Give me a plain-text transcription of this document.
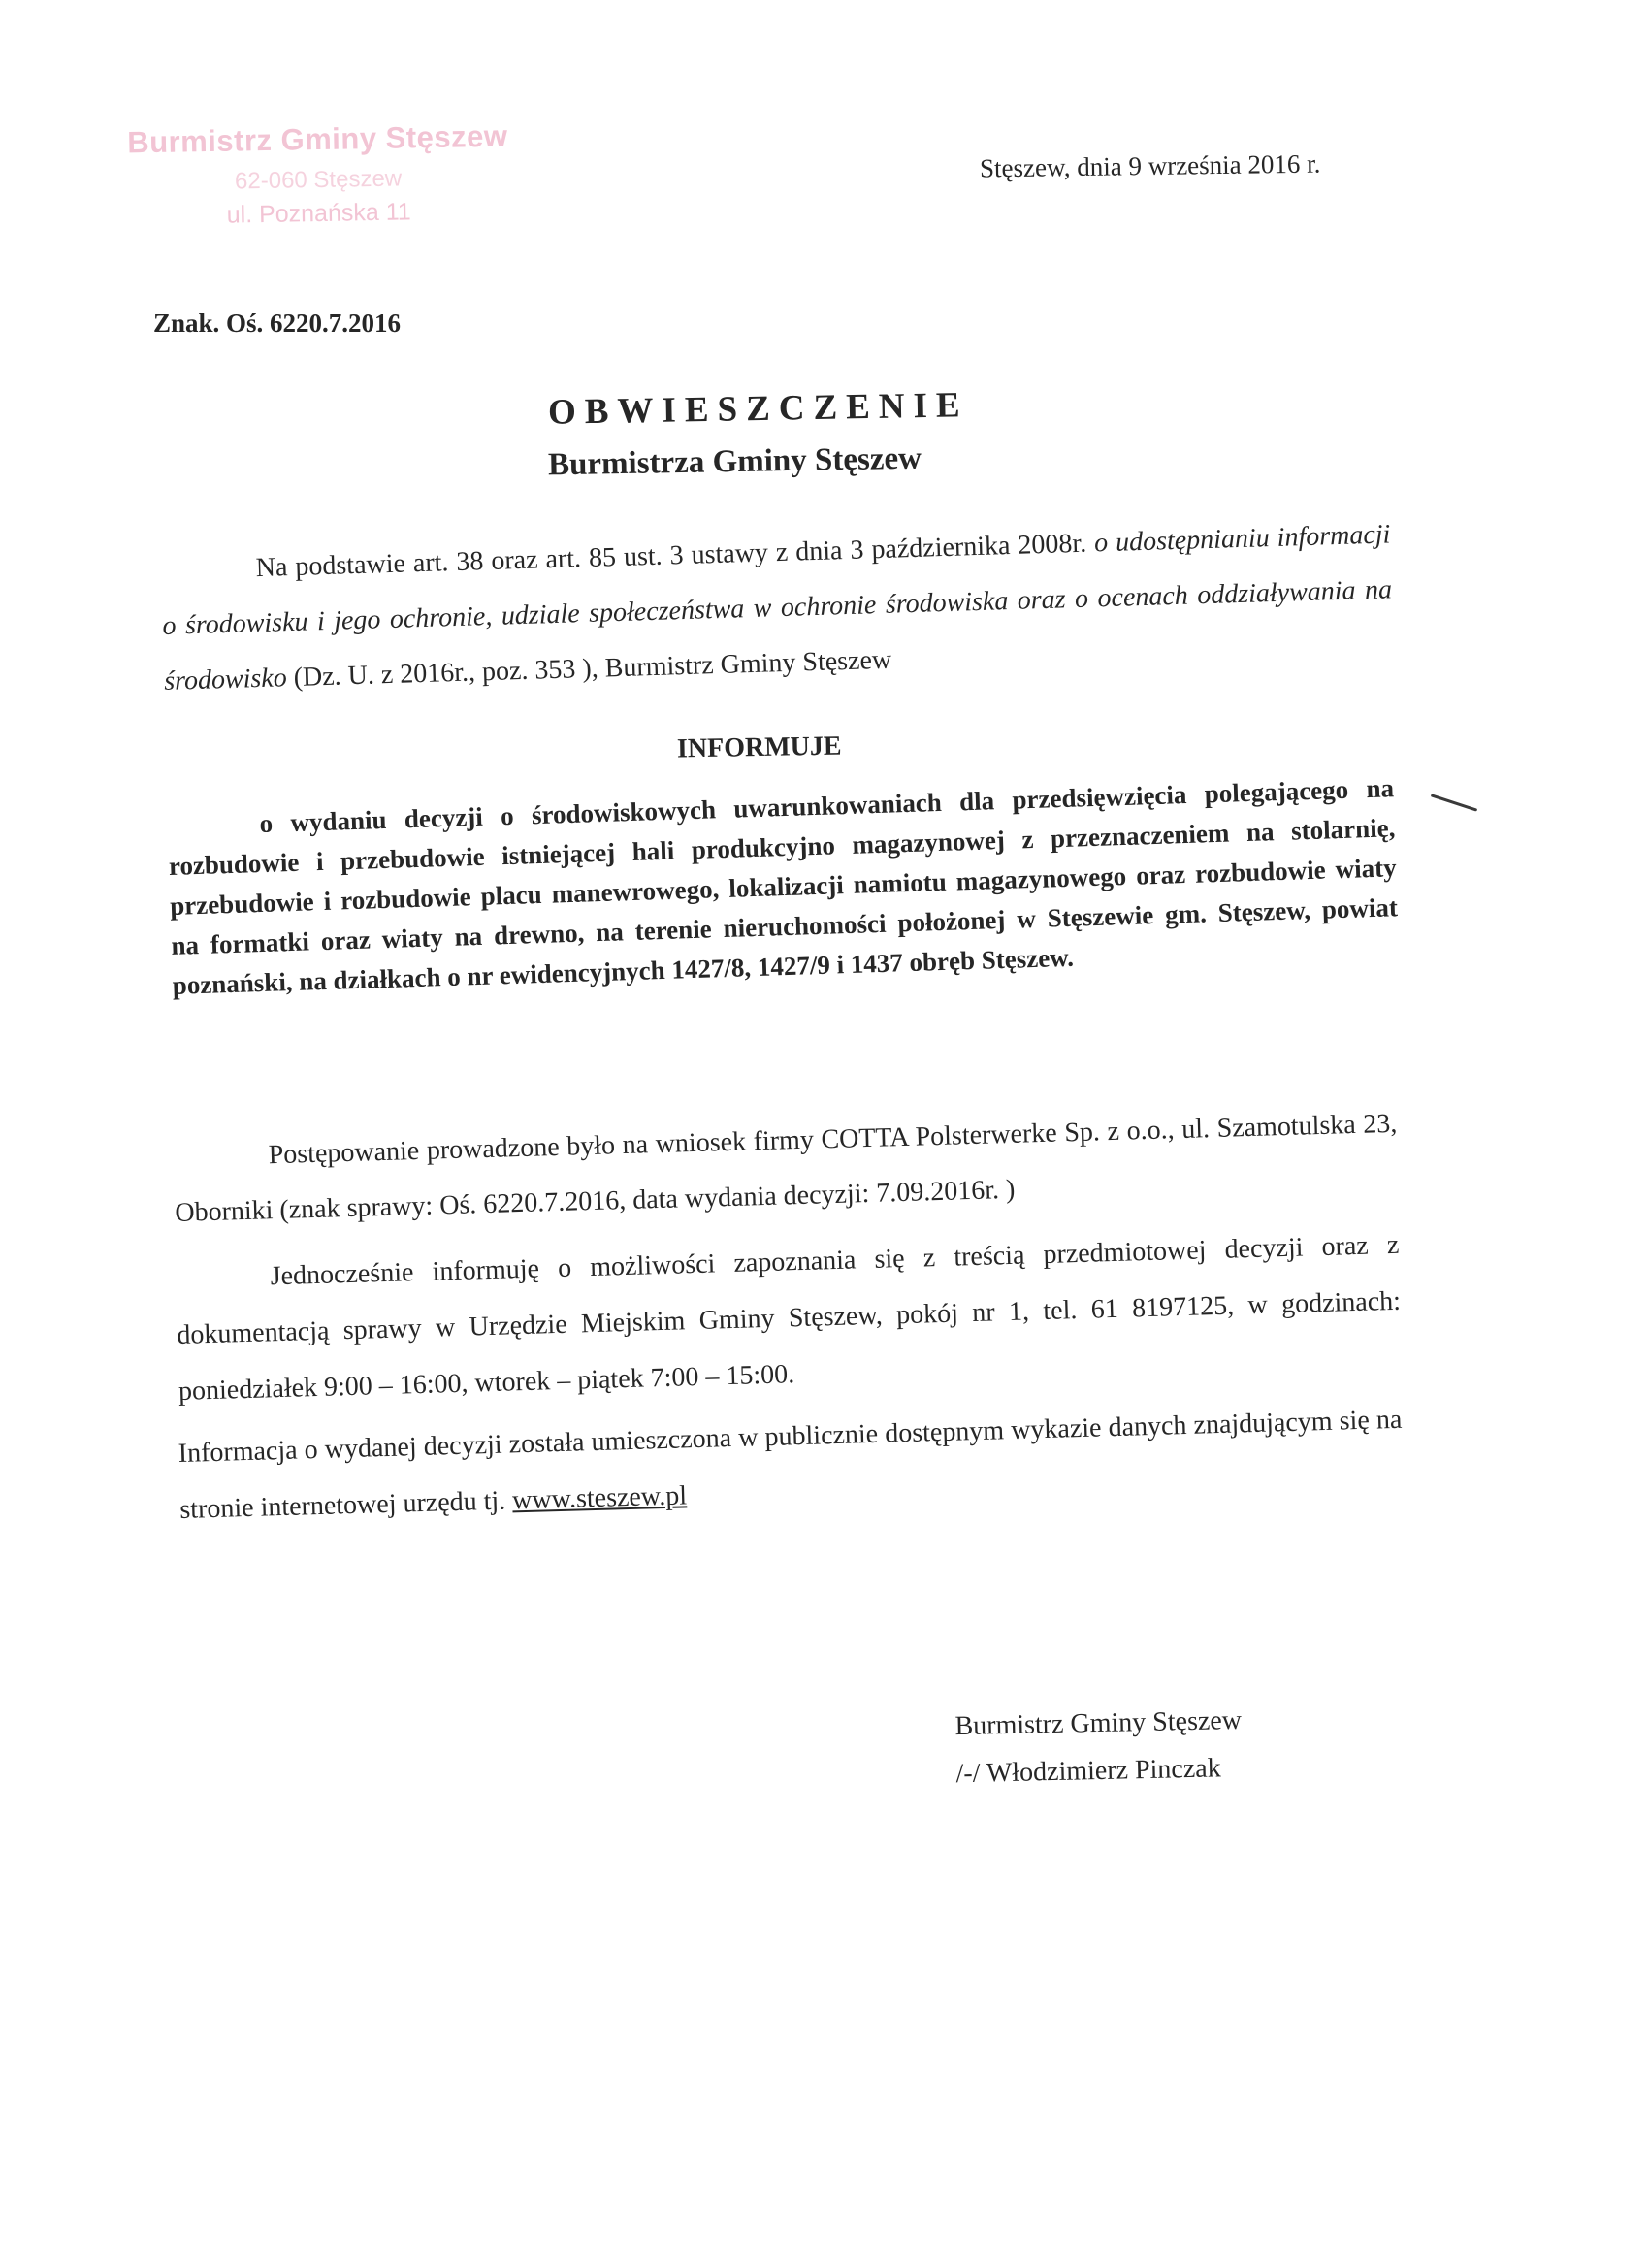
Burmistrz Gminy Stęszew
62-060 Stęszew
ul. Poznańska 11
Stęszew, dnia 9 września 2016 r.
Znak. Oś. 6220.7.2016
OBWIESZCZENIE
Burmistrza Gminy Stęszew
Na podstawie art. 38 oraz art. 85 ust. 3 ustawy z dnia 3 października 2008r. o udostępnianiu informacji o środowisku i jego ochronie, udziale społeczeństwa w ochronie środowiska oraz o ocenach oddziaływania na środowisko (Dz. U. z 2016r., poz. 353 ), Burmistrz Gminy Stęszew
INFORMUJE
o wydaniu decyzji o środowiskowych uwarunkowaniach dla przedsięwzięcia polegającego na rozbudowie i przebudowie istniejącej hali produkcyjno magazynowej z przeznaczeniem na stolarnię, przebudowie i rozbudowie placu manewrowego, lokalizacji namiotu magazynowego oraz rozbudowie wiaty na formatki oraz wiaty na drewno, na terenie nieruchomości położonej w Stęszewie gm. Stęszew, powiat poznański, na działkach o nr ewidencyjnych 1427/8, 1427/9 i 1437 obręb Stęszew.
Postępowanie prowadzone było na wniosek firmy COTTA Polsterwerke Sp. z o.o., ul. Szamotulska 23, Oborniki (znak sprawy: Oś. 6220.7.2016, data wydania decyzji: 7.09.2016r. )
Jednocześnie informuję o możliwości zapoznania się z treścią przedmiotowej decyzji oraz z dokumentacją sprawy w Urzędzie Miejskim Gminy Stęszew, pokój nr 1, tel. 61 8197125, w godzinach: poniedziałek 9:00 – 16:00, wtorek – piątek 7:00 – 15:00.
Informacja o wydanej decyzji została umieszczona w publicznie dostępnym wykazie danych znajdującym się na stronie internetowej urzędu tj. www.steszew.pl
Burmistrz Gminy Stęszew
/-/ Włodzimierz Pinczak
